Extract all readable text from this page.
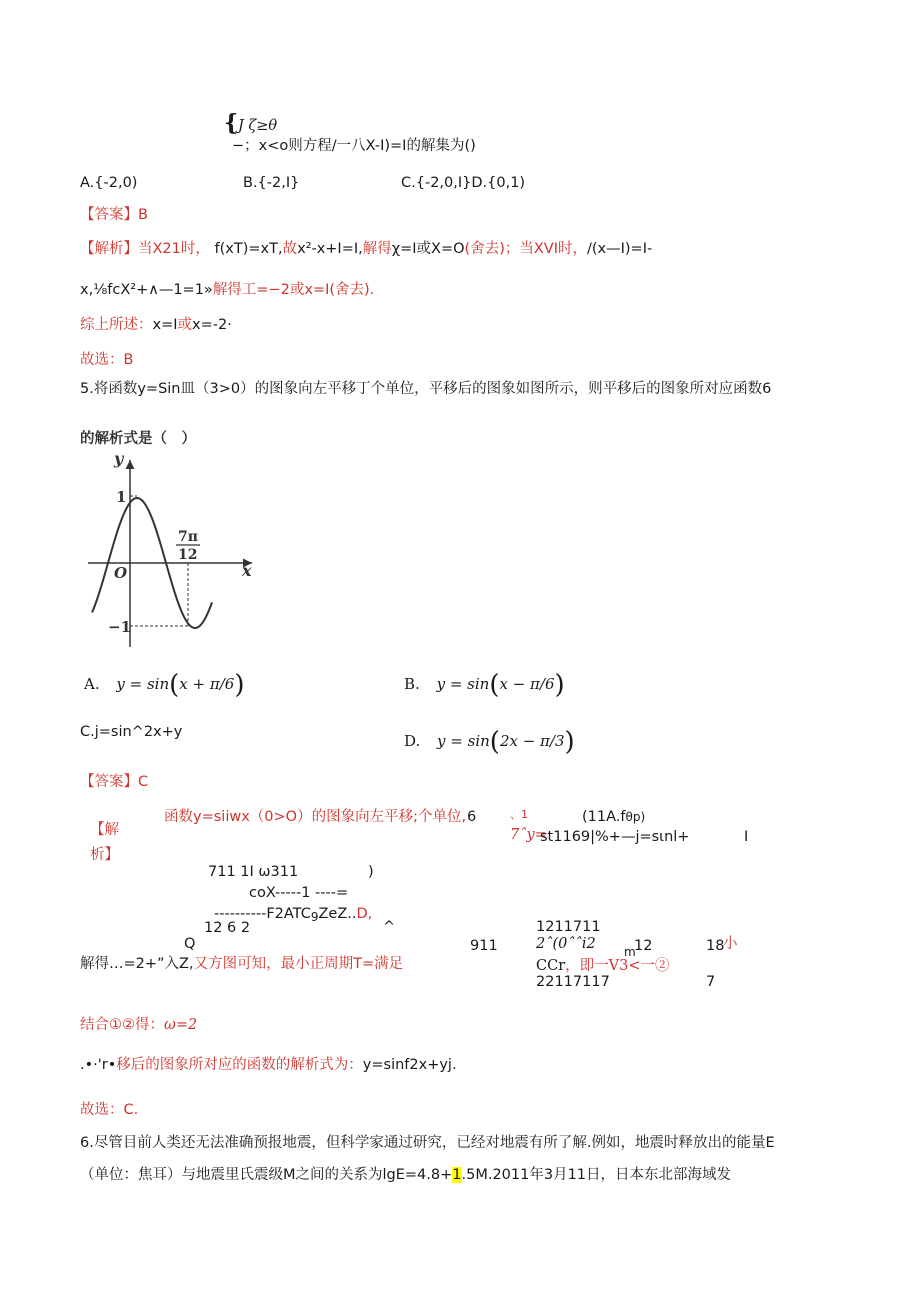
{ J ζ≥θ
−；x<o则方程/一八X-I)=I的解集为()
A.{-2,0)	B.{-2,I}	C.{-2,0,I}D.{0,1)
【答案】B
【解析】当X21时， f(xT)=xT,故x²-x+I=I,解得χ=I或X=O(舍去)；当XVI时，/(x—I)=I-
x,⅛fcX²+∧—1=1»解得工=−2或x=I(舍去).
综上所述：x=I或x=-2·
故选：B
5.将函数y=Sin皿（3>0）的图象向左平移丁个单位，平移后的图象如图所示，则平移后的图象所对应函数6
的解析式是（　）
y
x
O
1
−1
7π
12
A. y = sin(x + π/6)	B. y = sin(x − π/6)
C.j=sin^2x+y	D. y = sin(2x − π/3)
【答案】C
函数y=siiwx（0>O）的图象向左平移;个单位, 6	、1	(11A.fθp)
【解	7ˆy=
st1169|%+—j=sιnl+	I
析】
711 1I ω311	)
coX-----1 ----=
$----------F2ATC_9ZeZ..D$,
12 6 2	^	1211711
Q	911	2ˆ(0ˆˆi2 m
12	18
小
解得…=2+”入Z,又方图可知，最小正周期T=满足	CCr，即一V3<一②
22117117	7
结合①②得：ω=2
.•·'r•移后的图象所对应的函数的解析式为：y=sinf2x+yj.
故选：C.
6.尽管目前人类还无法准确预报地震，但科学家通过研究，已经对地震有所了解.例如，地震时释放出的能量E
（单位：焦耳）与地震里氏震级M之间的关系为lgE=4.8+1.5M.2011年3月11日，日本东北部海域发
